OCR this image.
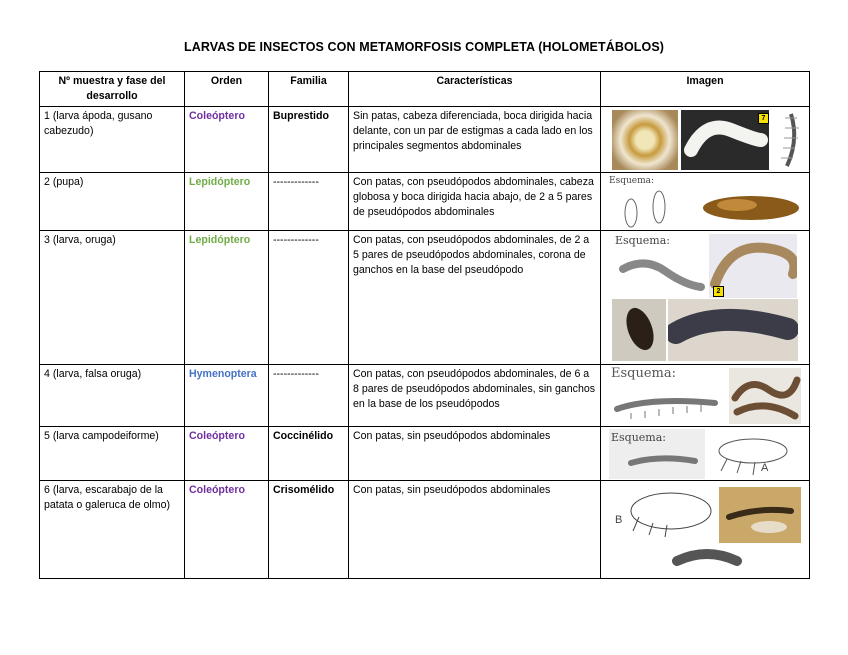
LARVAS DE INSECTOS CON METAMORFOSIS COMPLETA (HOLOMETÁBOLOS)
Nº muestra y fase del desarrollo	Orden	Familia	Características	Imagen
1 (larva ápoda, gusano cabezudo)	Coleóptero	Buprestido	Sin patas, cabeza diferenciada, boca dirigida hacia delante, con un par de estigmas a cada lado en los principales segmentos abdominales	7

2 (pupa)	Lepidóptero	-------------	Con patas, con pseudópodos abdominales, cabeza globosa y boca dirigida hacia abajo, de 2 a 5 pares de pseudópodos abdominales	Esquema:

3 (larva, oruga)	Lepidóptero	-------------	Con patas, con pseudópodos abdominales, de 2 a 5 pares de pseudópodos abdominales, corona de ganchos en la base del pseudópodo	Esquema:
2

4 (larva, falsa oruga)	Hymenoptera	-------------	Con patas, con pseudópodos abdominales, de 6 a 8 pares de pseudópodos abdominales, sin ganchos en la base de los pseudópodos	Esquema:

5 (larva campodeiforme)	Coleóptero	Coccinélido	Con patas, sin pseudópodos abdominales	Esquema:
A

6 (larva, escarabajo de la patata o galeruca de olmo)	Coleóptero	Crisomélido	Con patas, sin pseudópodos abdominales	B
